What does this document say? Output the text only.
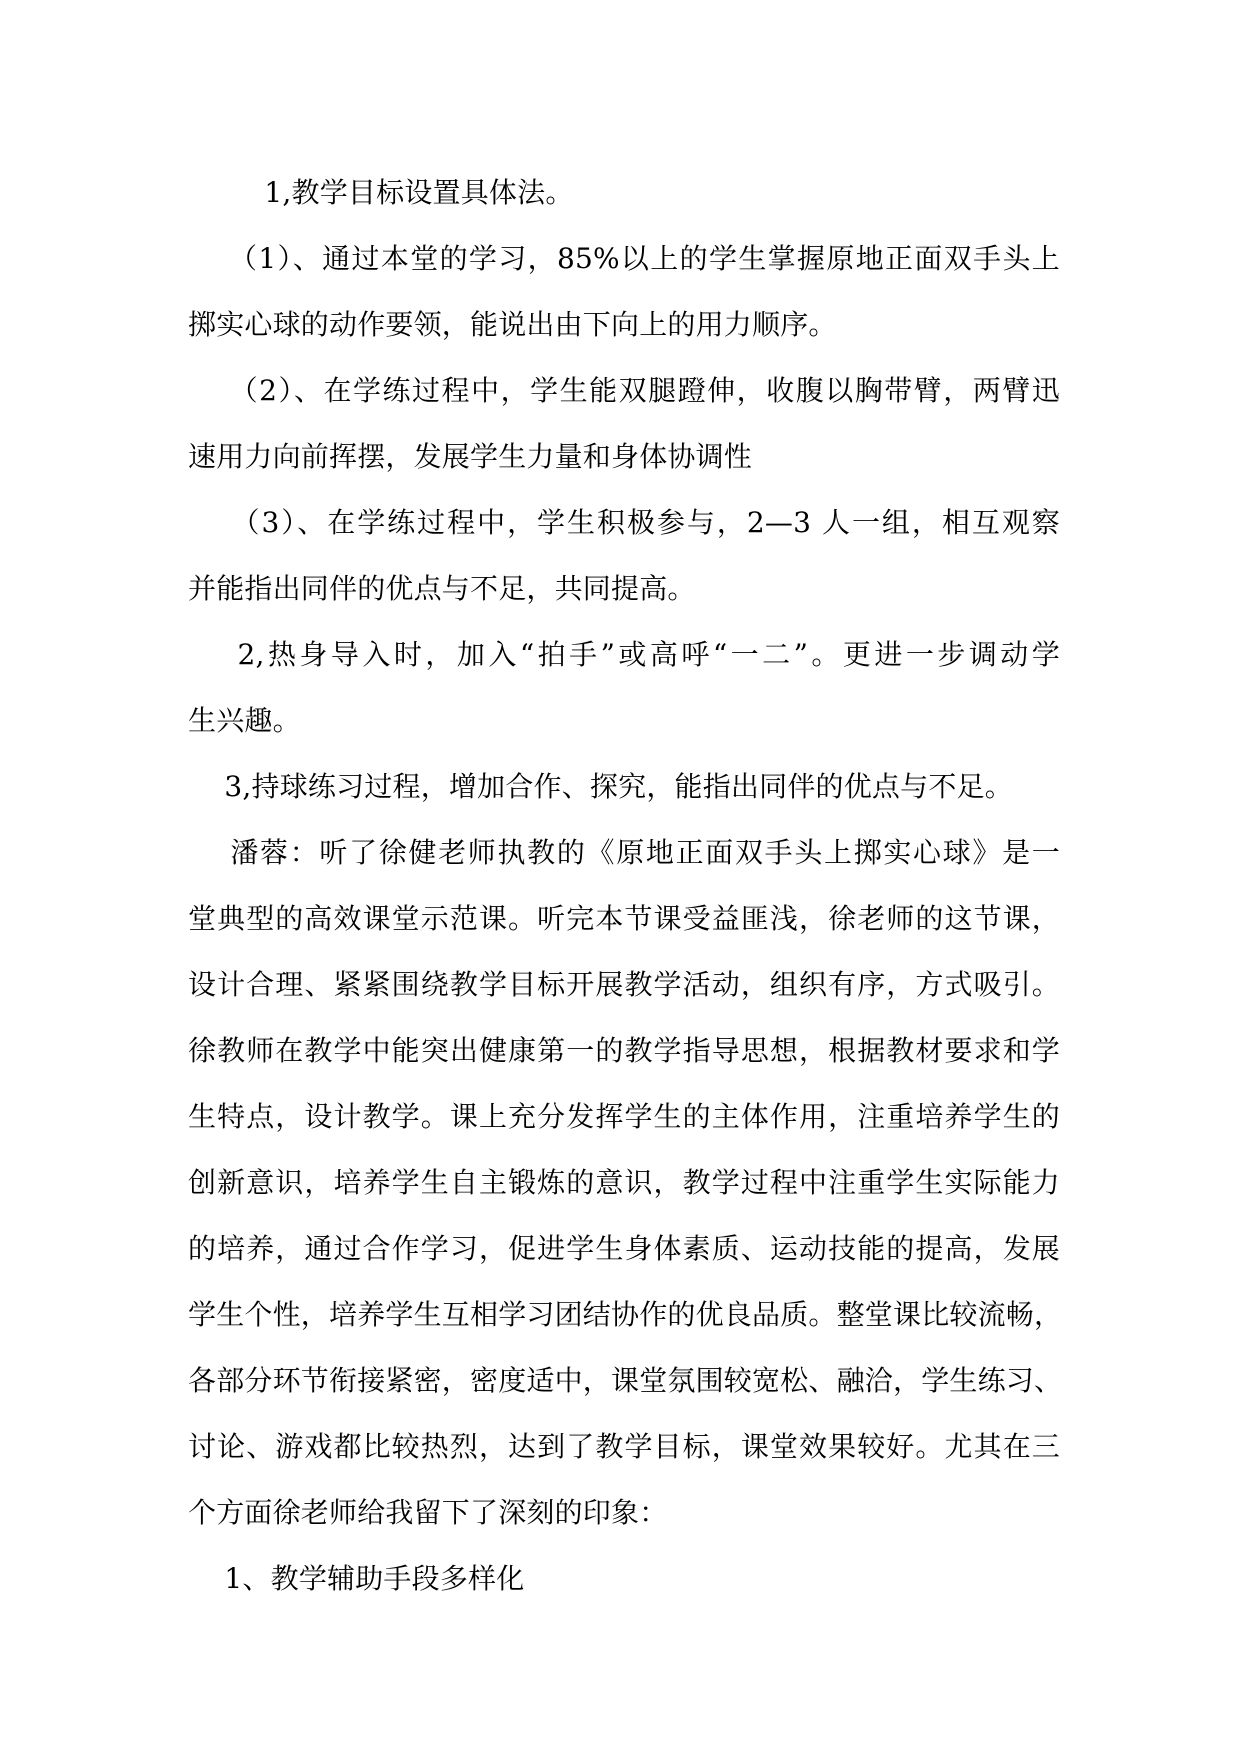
1,教学目标设置具体法。
（1）、通过本堂的学习，85%以上的学生掌握原地正面双手头上
掷实心球的动作要领，能说出由下向上的用力顺序。
（2）、在学练过程中，学生能双腿蹬伸，收腹以胸带臂，两臂迅
速用力向前挥摆，发展学生力量和身体协调性
（3）、在学练过程中，学生积极参与，2—3 人一组，相互观察
并能指出同伴的优点与不足，共同提高。
2,热身导入时，加入“拍手”或高呼“一二”。更进一步调动学
生兴趣。
3,持球练习过程，增加合作、探究，能指出同伴的优点与不足。
潘蓉：听了徐健老师执教的《原地正面双手头上掷实心球》是一
堂典型的高效课堂示范课。听完本节课受益匪浅，徐老师的这节课，
设计合理、紧紧围绕教学目标开展教学活动，组织有序，方式吸引。
徐教师在教学中能突出健康第一的教学指导思想，根据教材要求和学
生特点，设计教学。课上充分发挥学生的主体作用，注重培养学生的
创新意识，培养学生自主锻炼的意识，教学过程中注重学生实际能力
的培养，通过合作学习，促进学生身体素质、运动技能的提高，发展
学生个性，培养学生互相学习团结协作的优良品质。整堂课比较流畅，
各部分环节衔接紧密，密度适中，课堂氛围较宽松、融洽，学生练习、
讨论、游戏都比较热烈，达到了教学目标，课堂效果较好。尤其在三
个方面徐老师给我留下了深刻的印象：
1、教学辅助手段多样化
